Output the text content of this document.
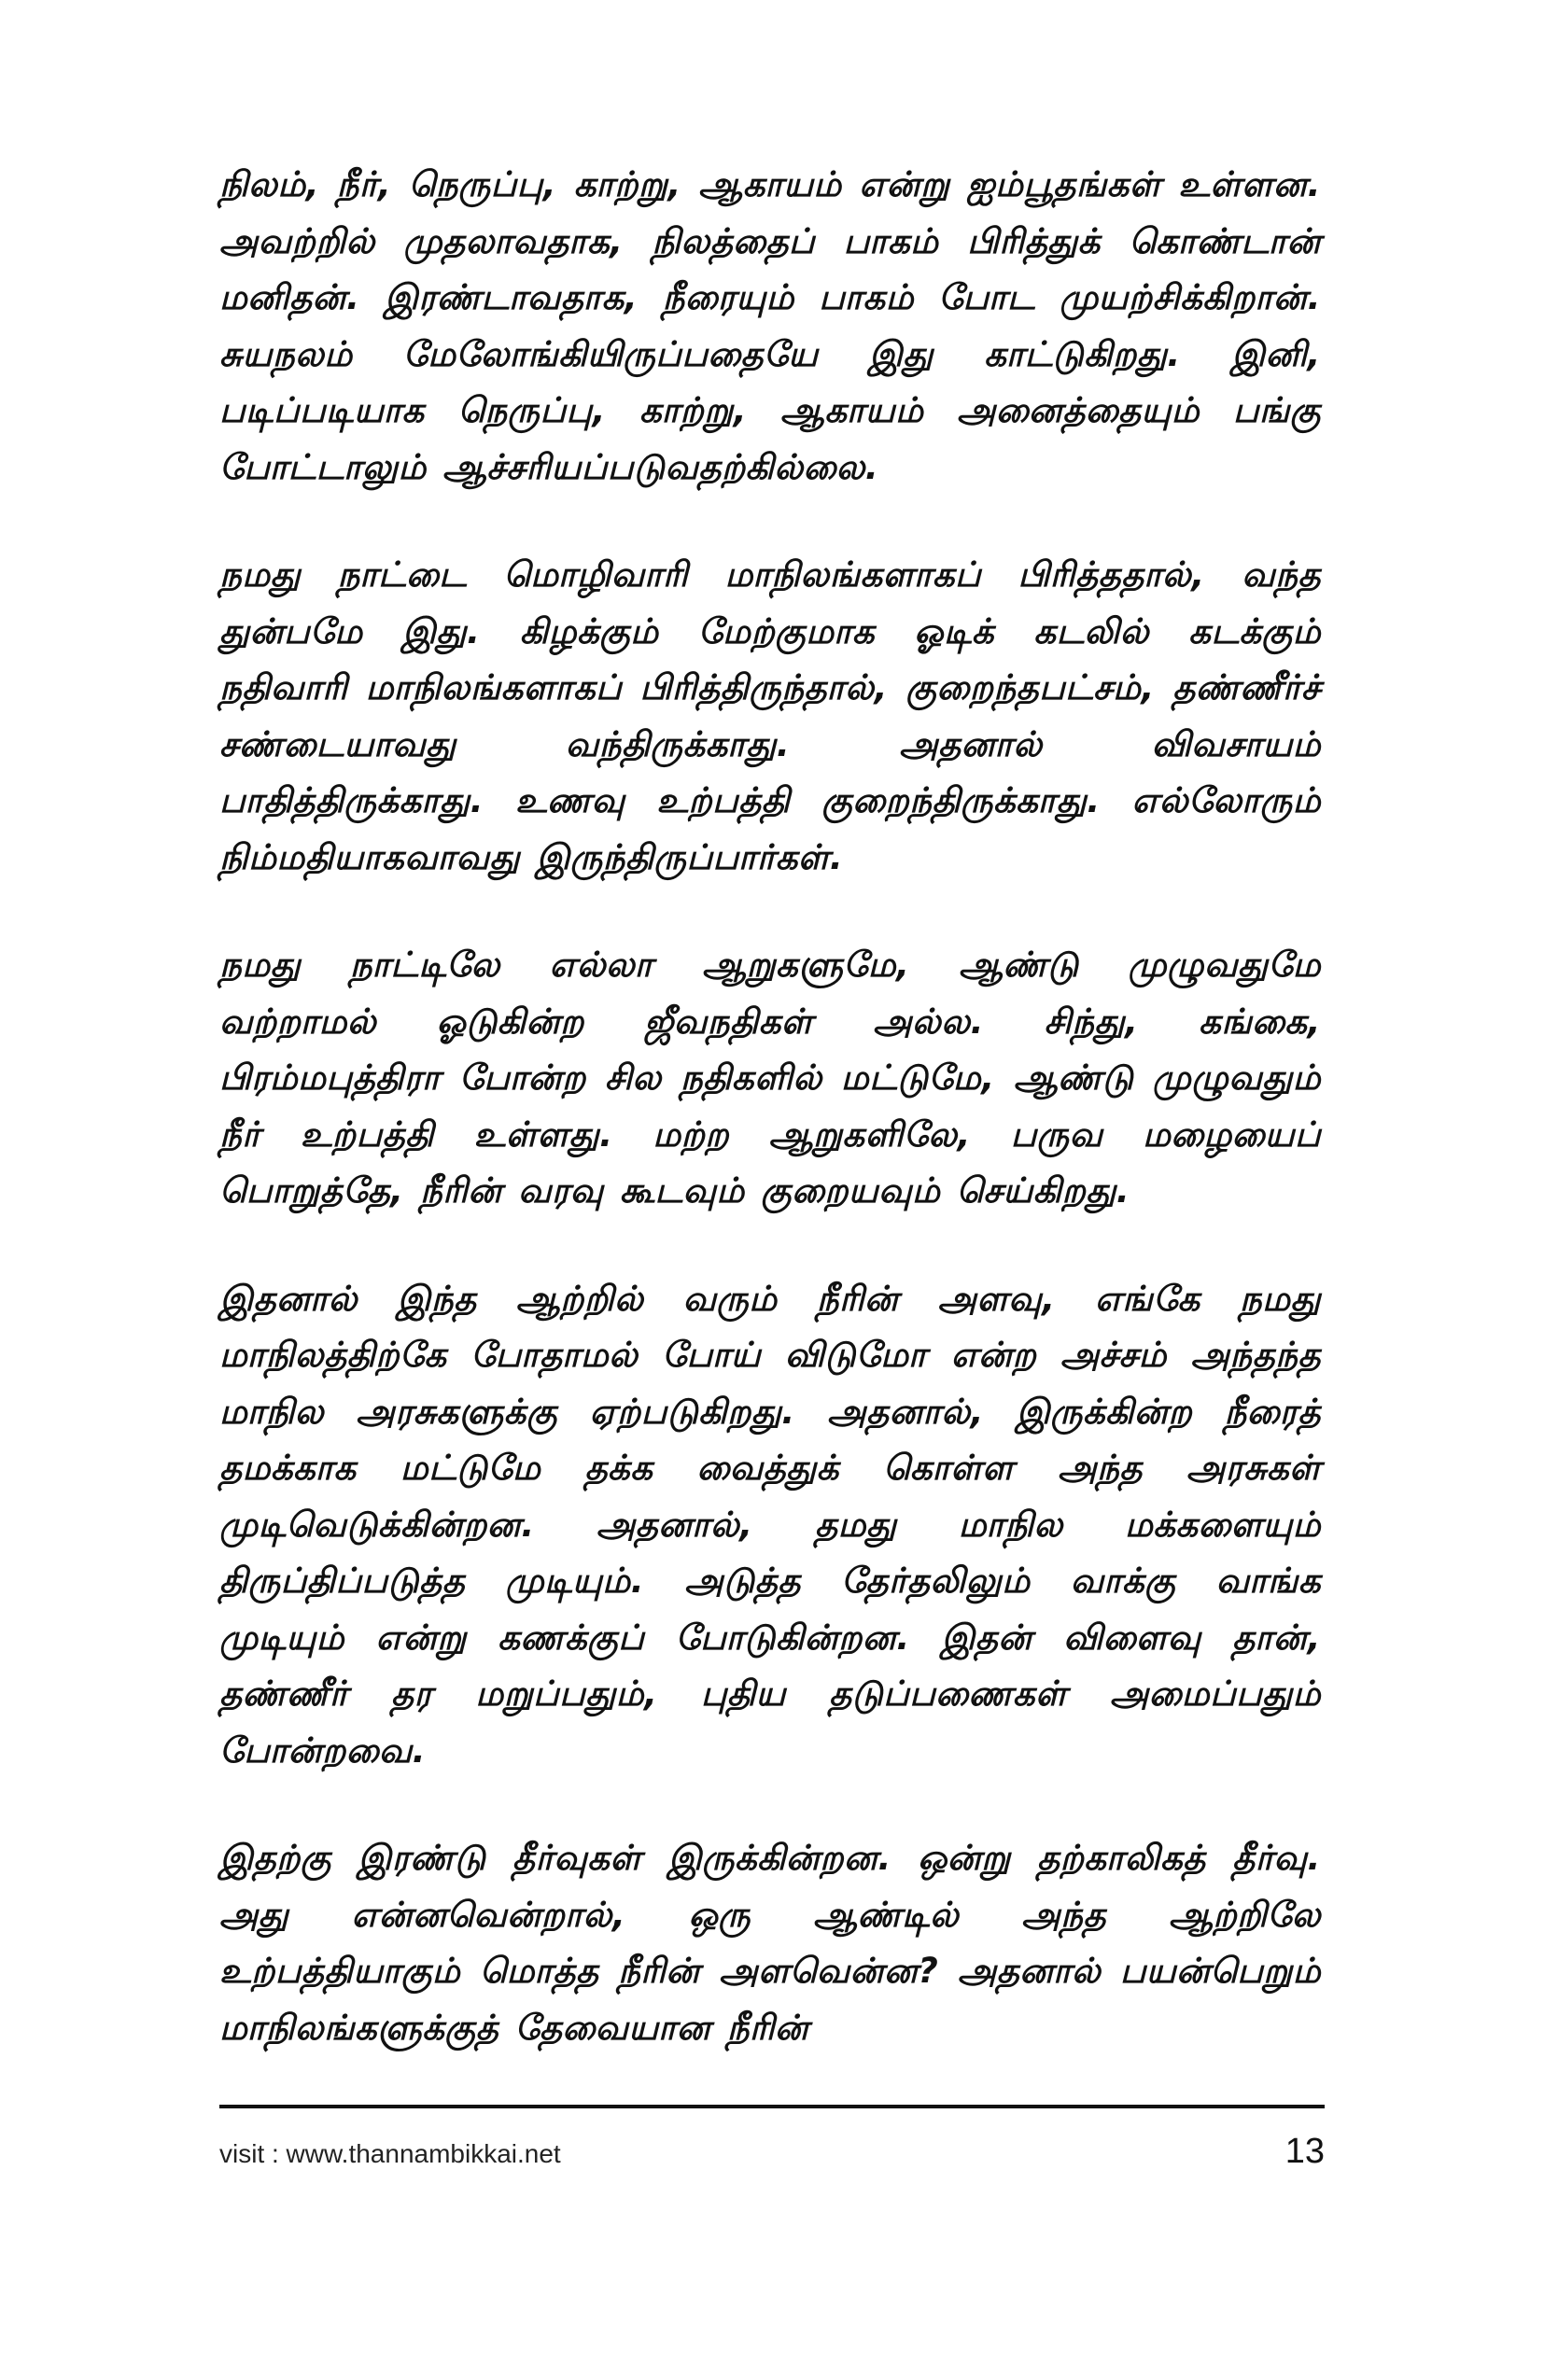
நிலம், நீர், நெருப்பு, காற்று, ஆகாயம் என்று ஐம்பூதங்கள் உள்ளன. அவற்றில் முதலாவதாக, நிலத்தைப் பாகம் பிரித்துக் கொண்டான் மனிதன். இரண்டாவதாக, நீரையும் பாகம் போட முயற்சிக்கிறான். சுயநலம் மேலோங்கியிருப்பதையே இது காட்டுகிறது. இனி, படிப்படியாக நெருப்பு, காற்று, ஆகாயம் அனைத்தையும் பங்கு போட்டாலும் ஆச்சரியப்படுவதற்கில்லை.

நமது நாட்டை மொழிவாரி மாநிலங்களாகப் பிரித்ததால், வந்த துன்பமே இது. கிழக்கும் மேற்குமாக ஓடிக் கடலில் கடக்கும் நதிவாரி மாநிலங்களாகப் பிரித்திருந்தால், குறைந்தபட்சம், தண்ணீர்ச் சண்டையாவது வந்திருக்காது. அதனால் விவசாயம் பாதித்திருக்காது. உணவு உற்பத்தி குறைந்திருக்காது. எல்லோரும் நிம்மதியாகவாவது இருந்திருப்பார்கள்.

நமது நாட்டிலே எல்லா ஆறுகளுமே, ஆண்டு முழுவதுமே வற்றாமல் ஓடுகின்ற ஜீவநதிகள் அல்ல. சிந்து, கங்கை, பிரம்மபுத்திரா போன்ற சில நதிகளில் மட்டுமே, ஆண்டு முழுவதும் நீர் உற்பத்தி உள்ளது. மற்ற ஆறுகளிலே, பருவ மழையைப் பொறுத்தே, நீரின் வரவு கூடவும் குறையவும் செய்கிறது.

இதனால் இந்த ஆற்றில் வரும் நீரின் அளவு, எங்கே நமது மாநிலத்திற்கே போதாமல் போய் விடுமோ என்ற அச்சம் அந்தந்த மாநில அரசுகளுக்கு ஏற்படுகிறது. அதனால், இருக்கின்ற நீரைத் தமக்காக மட்டுமே தக்க வைத்துக் கொள்ள அந்த அரசுகள் முடிவெடுக்கின்றன. அதனால், தமது மாநில மக்களையும் திருப்திப்படுத்த முடியும். அடுத்த தேர்தலிலும் வாக்கு வாங்க முடியும் என்று கணக்குப் போடுகின்றன. இதன் விளைவு தான், தண்ணீர் தர மறுப்பதும், புதிய தடுப்பணைகள் அமைப்பதும் போன்றவை.

இதற்கு இரண்டு தீர்வுகள் இருக்கின்றன. ஒன்று தற்காலிகத் தீர்வு. அது என்னவென்றால், ஒரு ஆண்டில் அந்த ஆற்றிலே உற்பத்தியாகும் மொத்த நீரின் அளவென்ன? அதனால் பயன்பெறும் மாநிலங்களுக்குத் தேவையான நீரின்

visit : www.thannambikkai.net	13
